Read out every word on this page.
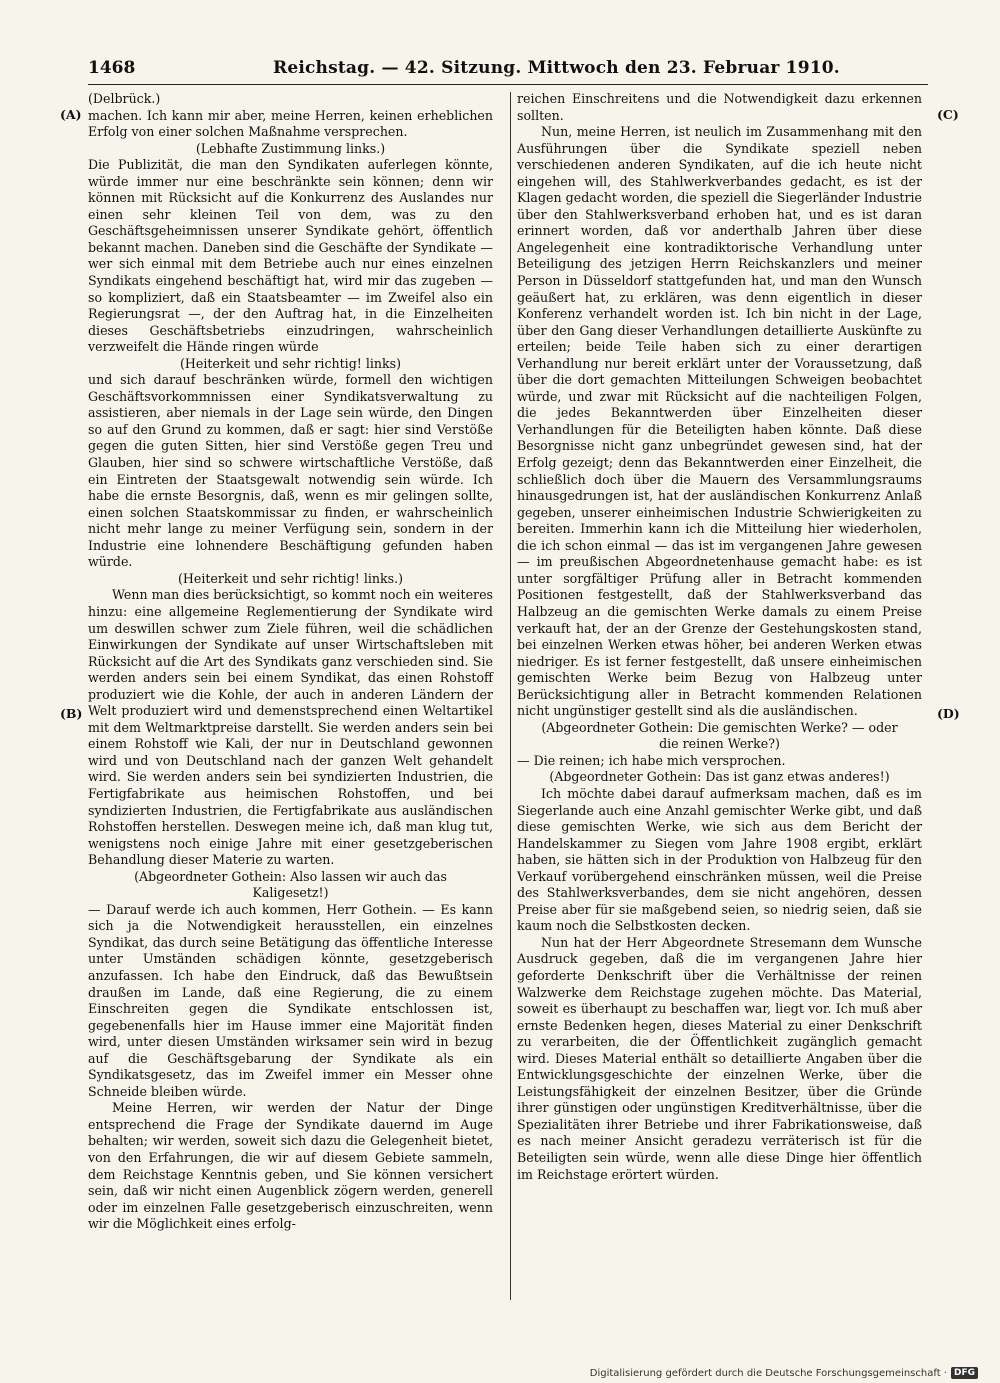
1468	Reichstag. — 42. Sitzung. Mittwoch den 23. Februar 1910.
(A)
(B)
(C)
(D)

(Delbrück.)

machen. Ich kann mir aber, meine Herren, keinen erheblichen Erfolg von einer solchen Maßnahme versprechen.

(Lebhafte Zustimmung links.)

Die Publizität, die man den Syndikaten auferlegen könnte, würde immer nur eine beschränkte sein können; denn wir können mit Rücksicht auf die Konkurrenz des Auslandes nur einen sehr kleinen Teil von dem, was zu den Geschäftsgeheimnissen unserer Syndikate gehört, öffentlich bekannt machen. Daneben sind die Geschäfte der Syndikate — wer sich einmal mit dem Betriebe auch nur eines einzelnen Syndikats eingehend beschäftigt hat, wird mir das zugeben — so kompliziert, daß ein Staatsbeamter — im Zweifel also ein Regierungsrat —, der den Auftrag hat, in die Einzelheiten dieses Geschäftsbetriebs einzudringen, wahrscheinlich verzweifelt die Hände ringen würde

(Heiterkeit und sehr richtig! links)

und sich darauf beschränken würde, formell den wichtigen Geschäftsvorkommnissen einer Syndikatsverwaltung zu assistieren, aber niemals in der Lage sein würde, den Dingen so auf den Grund zu kommen, daß er sagt: hier sind Verstöße gegen die guten Sitten, hier sind Verstöße gegen Treu und Glauben, hier sind so schwere wirtschaftliche Verstöße, daß ein Eintreten der Staatsgewalt notwendig sein würde. Ich habe die ernste Besorgnis, daß, wenn es mir gelingen sollte, einen solchen Staatskommissar zu finden, er wahrscheinlich nicht mehr lange zu meiner Verfügung sein, sondern in der Industrie eine lohnendere Beschäftigung gefunden haben würde.

(Heiterkeit und sehr richtig! links.)

Wenn man dies berücksichtigt, so kommt noch ein weiteres hinzu: eine allgemeine Reglementierung der Syndikate wird um deswillen schwer zum Ziele führen, weil die schädlichen Einwirkungen der Syndikate auf unser Wirtschaftsleben mit Rücksicht auf die Art des Syndikats ganz verschieden sind. Sie werden anders sein bei einem Syndikat, das einen Rohstoff produziert wie die Kohle, der auch in anderen Ländern der Welt produziert wird und demenstsprechend einen Weltartikel mit dem Weltmarktpreise darstellt. Sie werden anders sein bei einem Rohstoff wie Kali, der nur in Deutschland gewonnen wird und von Deutschland nach der ganzen Welt gehandelt wird. Sie werden anders sein bei syndizierten Industrien, die Fertigfabrikate aus heimischen Rohstoffen, und bei syndizierten Industrien, die Fertigfabrikate aus ausländischen Rohstoffen herstellen. Deswegen meine ich, daß man klug tut, wenigstens noch einige Jahre mit einer gesetzgeberischen Behandlung dieser Materie zu warten.

(Abgeordneter Gothein: Also lassen wir auch das Kaligesetz!)

— Darauf werde ich auch kommen, Herr Gothein. — Es kann sich ja die Notwendigkeit herausstellen, ein einzelnes Syndikat, das durch seine Betätigung das öffentliche Interesse unter Umständen schädigen könnte, gesetzgeberisch anzufassen. Ich habe den Eindruck, daß das Bewußtsein draußen im Lande, daß eine Regierung, die zu einem Einschreiten gegen die Syndikate entschlossen ist, gegebenenfalls hier im Hause immer eine Majorität finden wird, unter diesen Umständen wirksamer sein wird in bezug auf die Geschäftsgebarung der Syndikate als ein Syndikatsgesetz, das im Zweifel immer ein Messer ohne Schneide bleiben würde.

Meine Herren, wir werden der Natur der Dinge entsprechend die Frage der Syndikate dauernd im Auge behalten; wir werden, soweit sich dazu die Gelegenheit bietet, von den Erfahrungen, die wir auf diesem Gebiete sammeln, dem Reichstage Kenntnis geben, und Sie können versichert sein, daß wir nicht einen Augenblick zögern werden, generell oder im einzelnen Falle gesetzgeberisch einzuschreiten, wenn wir die Möglichkeit eines erfolg-

reichen Einschreitens und die Notwendigkeit dazu erkennen sollten.

Nun, meine Herren, ist neulich im Zusammenhang mit den Ausführungen über die Syndikate speziell neben verschiedenen anderen Syndikaten, auf die ich heute nicht eingehen will, des Stahlwerkverbandes gedacht, es ist der Klagen gedacht worden, die speziell die Siegerländer Industrie über den Stahlwerksverband erhoben hat, und es ist daran erinnert worden, daß vor anderthalb Jahren über diese Angelegenheit eine kontradiktorische Verhandlung unter Beteiligung des jetzigen Herrn Reichskanzlers und meiner Person in Düsseldorf stattgefunden hat, und man den Wunsch geäußert hat, zu erklären, was denn eigentlich in dieser Konferenz verhandelt worden ist. Ich bin nicht in der Lage, über den Gang dieser Verhandlungen detaillierte Auskünfte zu erteilen; beide Teile haben sich zu einer derartigen Verhandlung nur bereit erklärt unter der Voraussetzung, daß über die dort gemachten Mitteilungen Schweigen beobachtet würde, und zwar mit Rücksicht auf die nachteiligen Folgen, die jedes Bekanntwerden über Einzelheiten dieser Verhandlungen für die Beteiligten haben könnte. Daß diese Besorgnisse nicht ganz unbegründet gewesen sind, hat der Erfolg gezeigt; denn das Bekanntwerden einer Einzelheit, die schließlich doch über die Mauern des Versammlungsraums hinausgedrungen ist, hat der ausländischen Konkurrenz Anlaß gegeben, unserer einheimischen Industrie Schwierigkeiten zu bereiten. Immerhin kann ich die Mitteilung hier wiederholen, die ich schon einmal — das ist im vergangenen Jahre gewesen — im preußischen Abgeordnetenhause gemacht habe: es ist unter sorgfältiger Prüfung aller in Betracht kommenden Positionen festgestellt, daß der Stahlwerksverband das Halbzeug an die gemischten Werke damals zu einem Preise verkauft hat, der an der Grenze der Gestehungskosten stand, bei einzelnen Werken etwas höher, bei anderen Werken etwas niedriger. Es ist ferner festgestellt, daß unsere einheimischen gemischten Werke beim Bezug von Halbzeug unter Berücksichtigung aller in Betracht kommenden Relationen nicht ungünstiger gestellt sind als die ausländischen.

(Abgeordneter Gothein: Die gemischten Werke? — oder die reinen Werke?)

— Die reinen; ich habe mich versprochen.

(Abgeordneter Gothein: Das ist ganz etwas anderes!)

Ich möchte dabei darauf aufmerksam machen, daß es im Siegerlande auch eine Anzahl gemischter Werke gibt, und daß diese gemischten Werke, wie sich aus dem Bericht der Handelskammer zu Siegen vom Jahre 1908 ergibt, erklärt haben, sie hätten sich in der Produktion von Halbzeug für den Verkauf vorübergehend einschränken müssen, weil die Preise des Stahlwerksverbandes, dem sie nicht angehören, dessen Preise aber für sie maßgebend seien, so niedrig seien, daß sie kaum noch die Selbstkosten decken.

Nun hat der Herr Abgeordnete Stresemann dem Wunsche Ausdruck gegeben, daß die im vergangenen Jahre hier geforderte Denkschrift über die Verhältnisse der reinen Walzwerke dem Reichstage zugehen möchte. Das Material, soweit es überhaupt zu beschaffen war, liegt vor. Ich muß aber ernste Bedenken hegen, dieses Material zu einer Denkschrift zu verarbeiten, die der Öffentlichkeit zugänglich gemacht wird. Dieses Material enthält so detaillierte Angaben über die Entwicklungsgeschichte der einzelnen Werke, über die Leistungsfähigkeit der einzelnen Besitzer, über die Gründe ihrer günstigen oder ungünstigen Kreditverhältnisse, über die Spezialitäten ihrer Betriebe und ihrer Fabrikationsweise, daß es nach meiner Ansicht geradezu verräterisch ist für die Beteiligten sein würde, wenn alle diese Dinge hier öffentlich im Reichstage erörtert würden.

Digitalisierung gefördert durch die Deutsche Forschungsgemeinschaft · DFG
